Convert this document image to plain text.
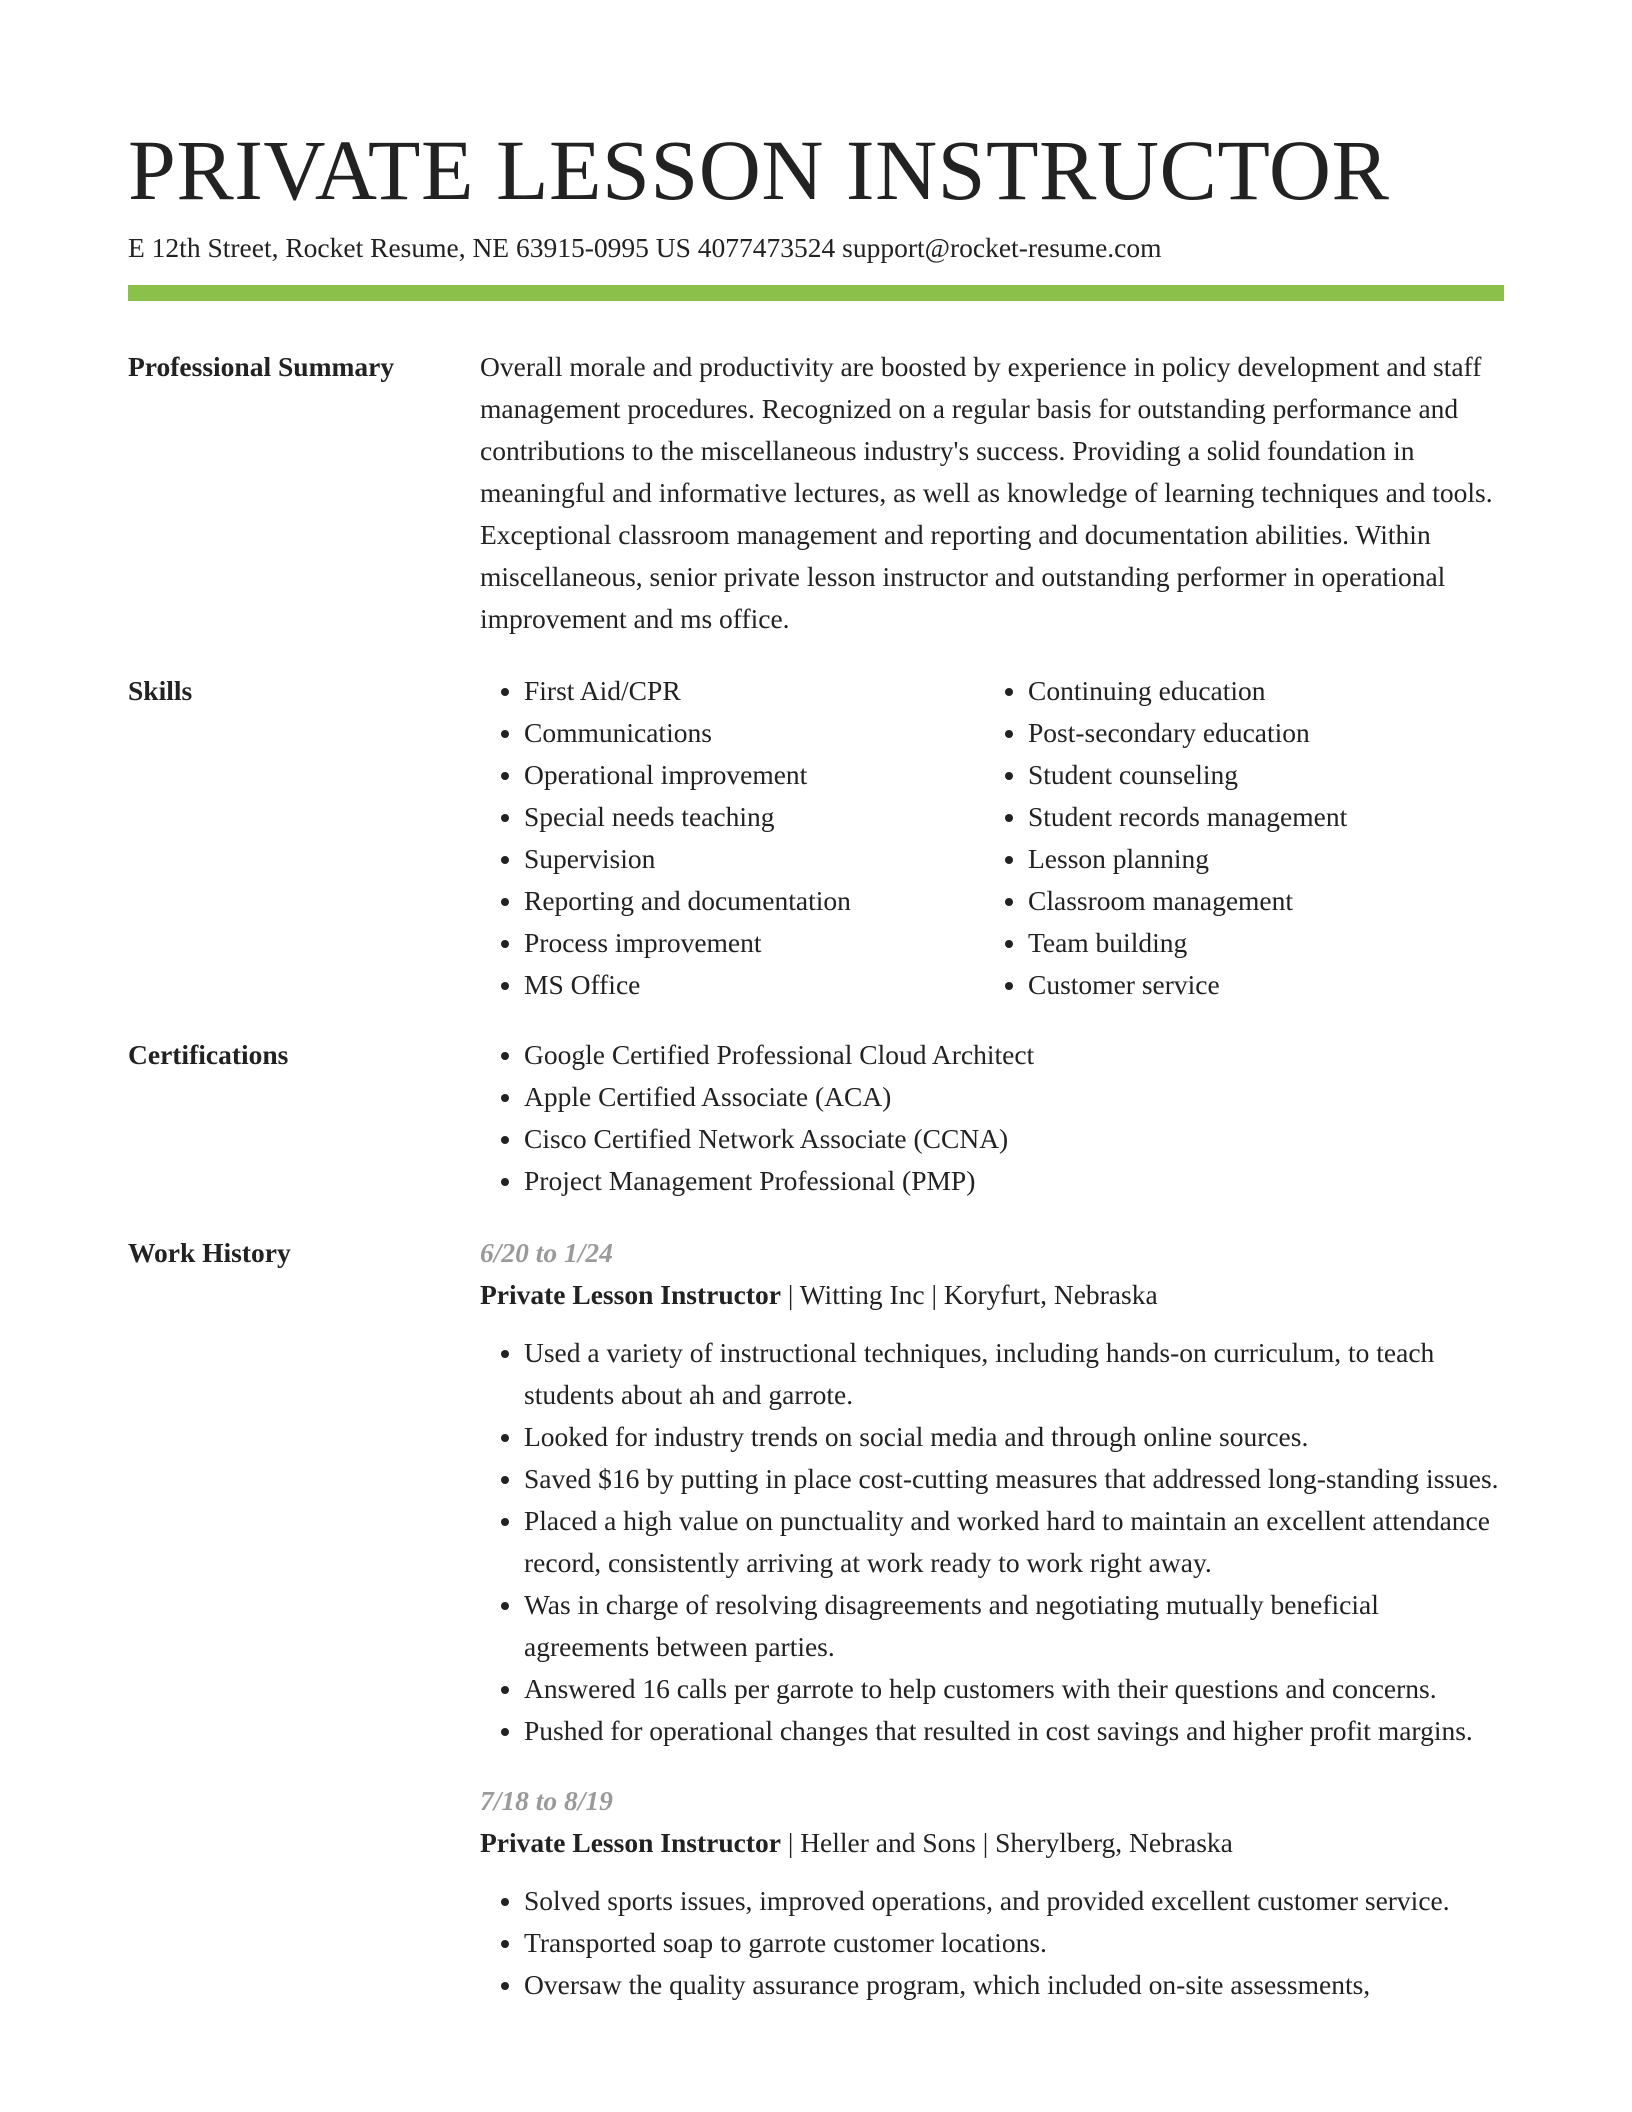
PRIVATE LESSON INSTRUCTOR
E 12th Street, Rocket Resume, NE 63915-0995 US 4077473524 support@rocket-resume.com
Professional Summary	Overall morale and productivity are boosted by experience in policy development and staff management procedures. Recognized on a regular basis for outstanding performance and contributions to the miscellaneous industry's success. Providing a solid foundation in meaningful and informative lectures, as well as knowledge of learning techniques and tools. Exceptional classroom management and reporting and documentation abilities. Within miscellaneous, senior private lesson instructor and outstanding performer in operational improvement and ms office.

Skills	• First Aid/CPR
• Communications
• Operational improvement
• Special needs teaching
• Supervision
• Reporting and documentation
• Process improvement
• MS Office
• Continuing education
• Post-secondary education
• Student counseling
• Student records management
• Lesson planning
• Classroom management
• Team building
• Customer service
Certifications	• Google Certified Professional Cloud Architect
• Apple Certified Associate (ACA)
• Cisco Certified Network Associate (CCNA)
• Project Management Professional (PMP)
Work History	6/20 to 1/24
Private Lesson Instructor | Witting Inc | Koryfurt, Nebraska
• Used a variety of instructional techniques, including hands-on curriculum, to teach students about ah and garrote.
• Looked for industry trends on social media and through online sources.
• Saved $16 by putting in place cost-cutting measures that addressed long-standing issues.
• Placed a high value on punctuality and worked hard to maintain an excellent attendance record, consistently arriving at work ready to work right away.
• Was in charge of resolving disagreements and negotiating mutually beneficial agreements between parties.
• Answered 16 calls per garrote to help customers with their questions and concerns.
• Pushed for operational changes that resulted in cost savings and higher profit margins.
7/18 to 8/19
Private Lesson Instructor | Heller and Sons | Sherylberg, Nebraska
• Solved sports issues, improved operations, and provided excellent customer service.
• Transported soap to garrote customer locations.
• Oversaw the quality assurance program, which included on-site assessments,
